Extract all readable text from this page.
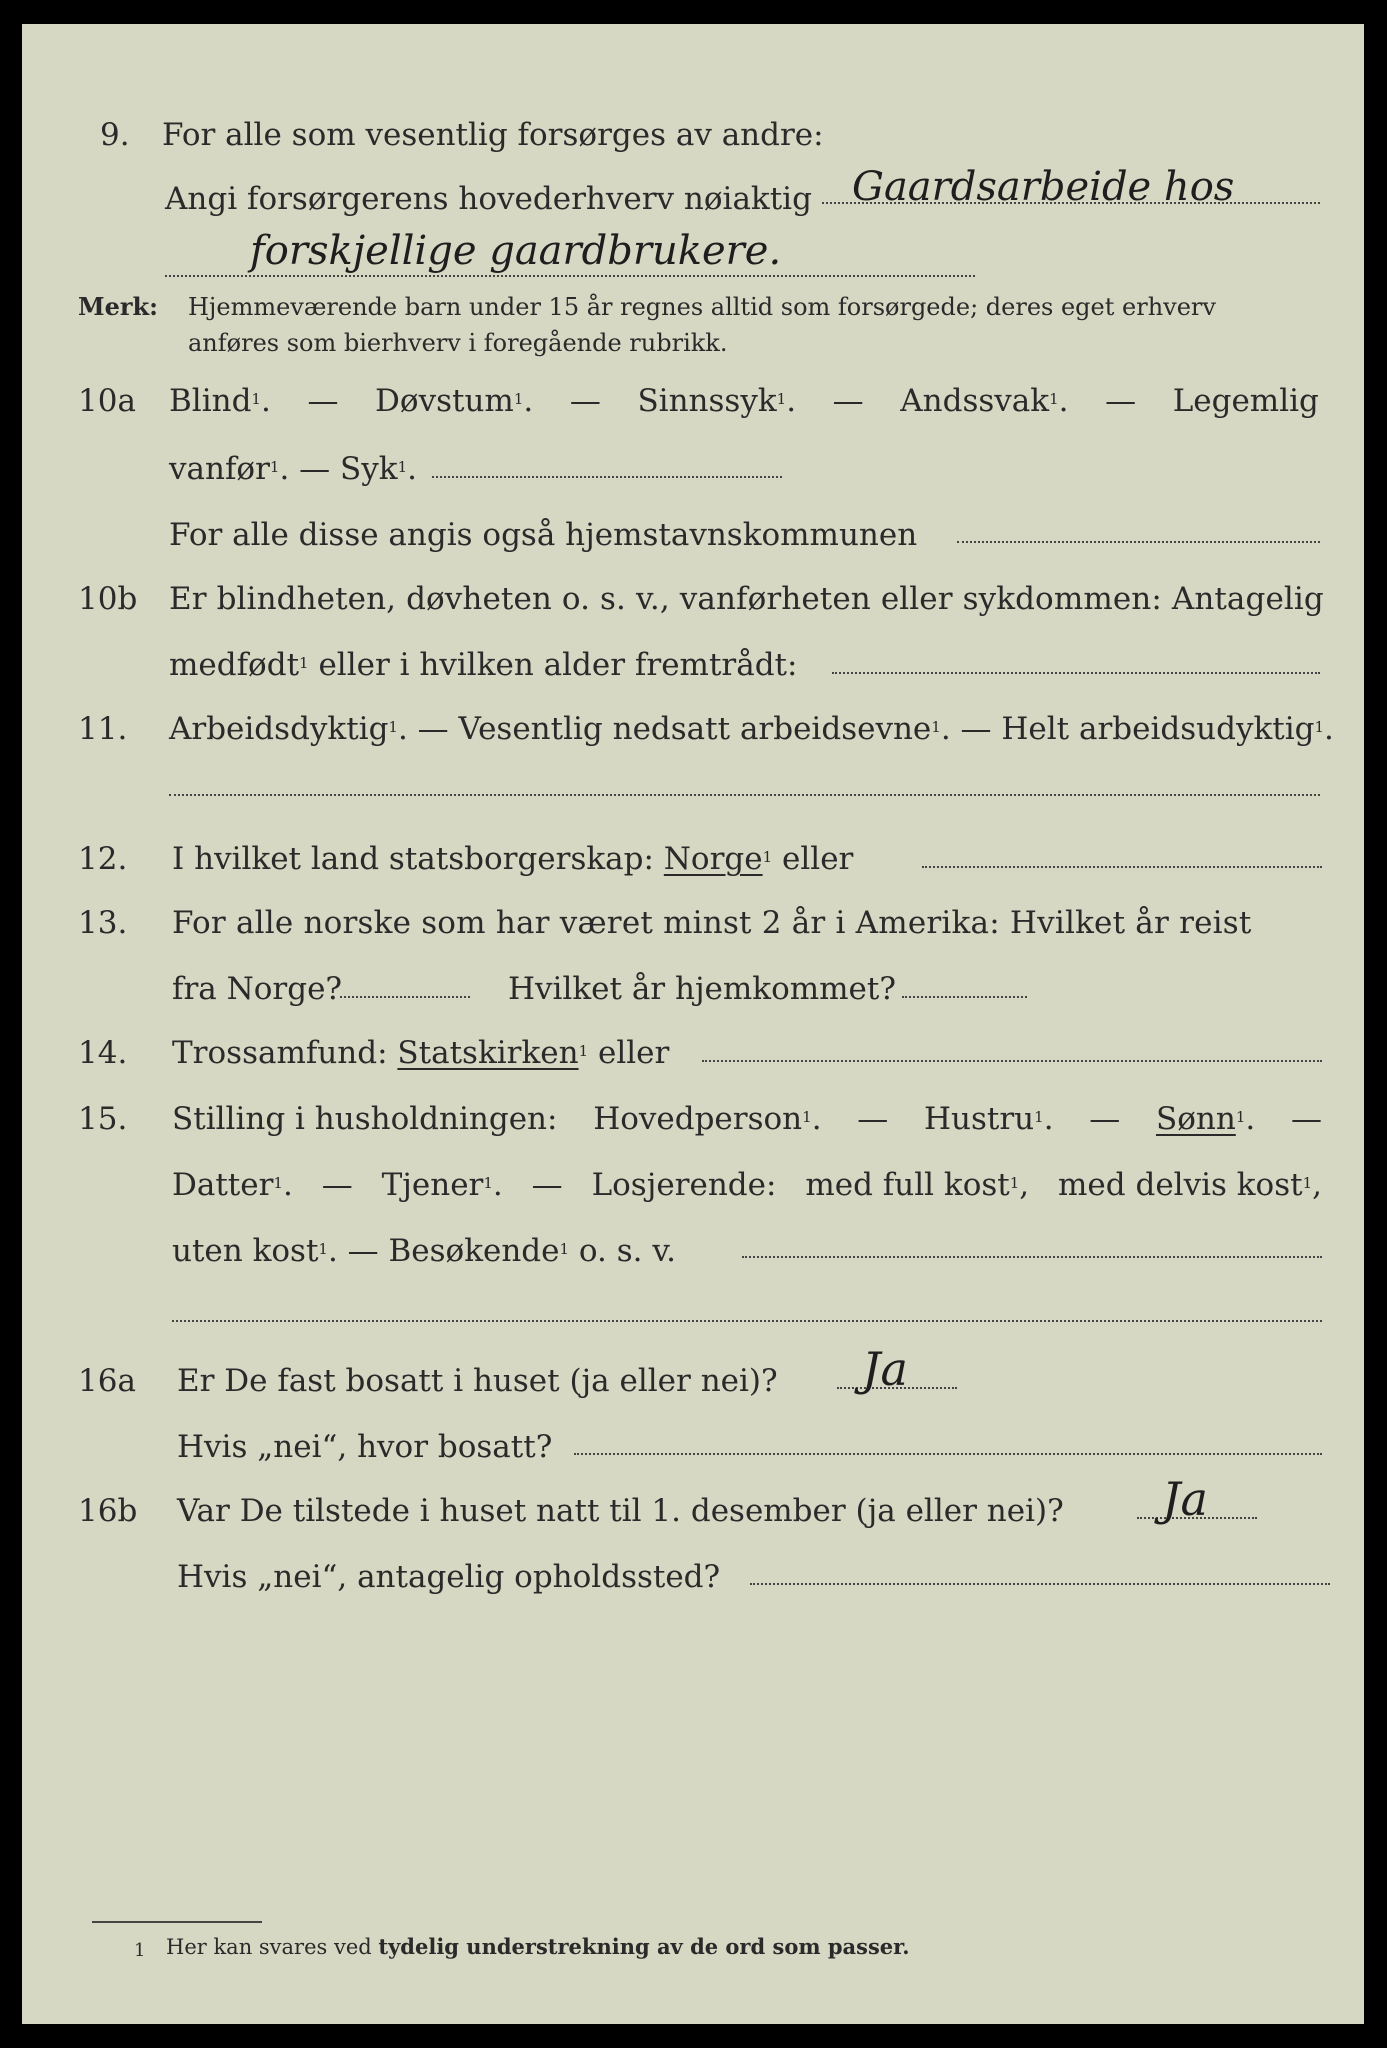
9. For alle som vesentlig forsørges av andre:
Angi forsørgerens hovederhverv nøiaktig Gaardsarbeide hos
forskjellige gaardbrukere.
Merk: Hjemmeværende barn under 15 år regnes alltid som forsørgede; deres eget erhverv
anføres som bierhverv i foregående rubrikk.
10a Blind$^1$. — Døvstum$^1$. — Sinnssyk$^1$. — Andssvak$^1$. — Legemlig
vanfør$^1$. — Syk$^1$.
For alle disse angis også hjemstavnskommunen
10b Er blindheten, døvheten o. s. v., vanførheten eller sykdommen: Antagelig
medfødt$^1$ eller i hvilken alder fremtrådt:
11. Arbeidsdyktig$^1$. — Vesentlig nedsatt arbeidsevne$^1$. — Helt arbeidsudyktig$^1$.
12. I hvilket land statsborgerskap: Norge$^1$ eller
13. For alle norske som har været minst 2 år i Amerika: Hvilket år reist
fra Norge?	Hvilket år hjemkommet?
14. Trossamfund: Statskirken$^1$ eller
15. Stilling i husholdningen: Hovedperson$^1$. — Hustru$^1$. — Sønn$^1$. —
Datter$^1$. — Tjener$^1$. — Losjerende: med full kost$^1$, med delvis kost$^1$,
uten kost$^1$. — Besøkende$^1$ o. s. v.
16a Er De fast bosatt i huset (ja eller nei)? Ja
Hvis „nei“, hvor bosatt?
16b Var De tilstede i huset natt til 1. desember (ja eller nei)? Ja
Hvis „nei“, antagelig opholdssted?
1 Her kan svares ved tydelig understrekning av de ord som passer.
